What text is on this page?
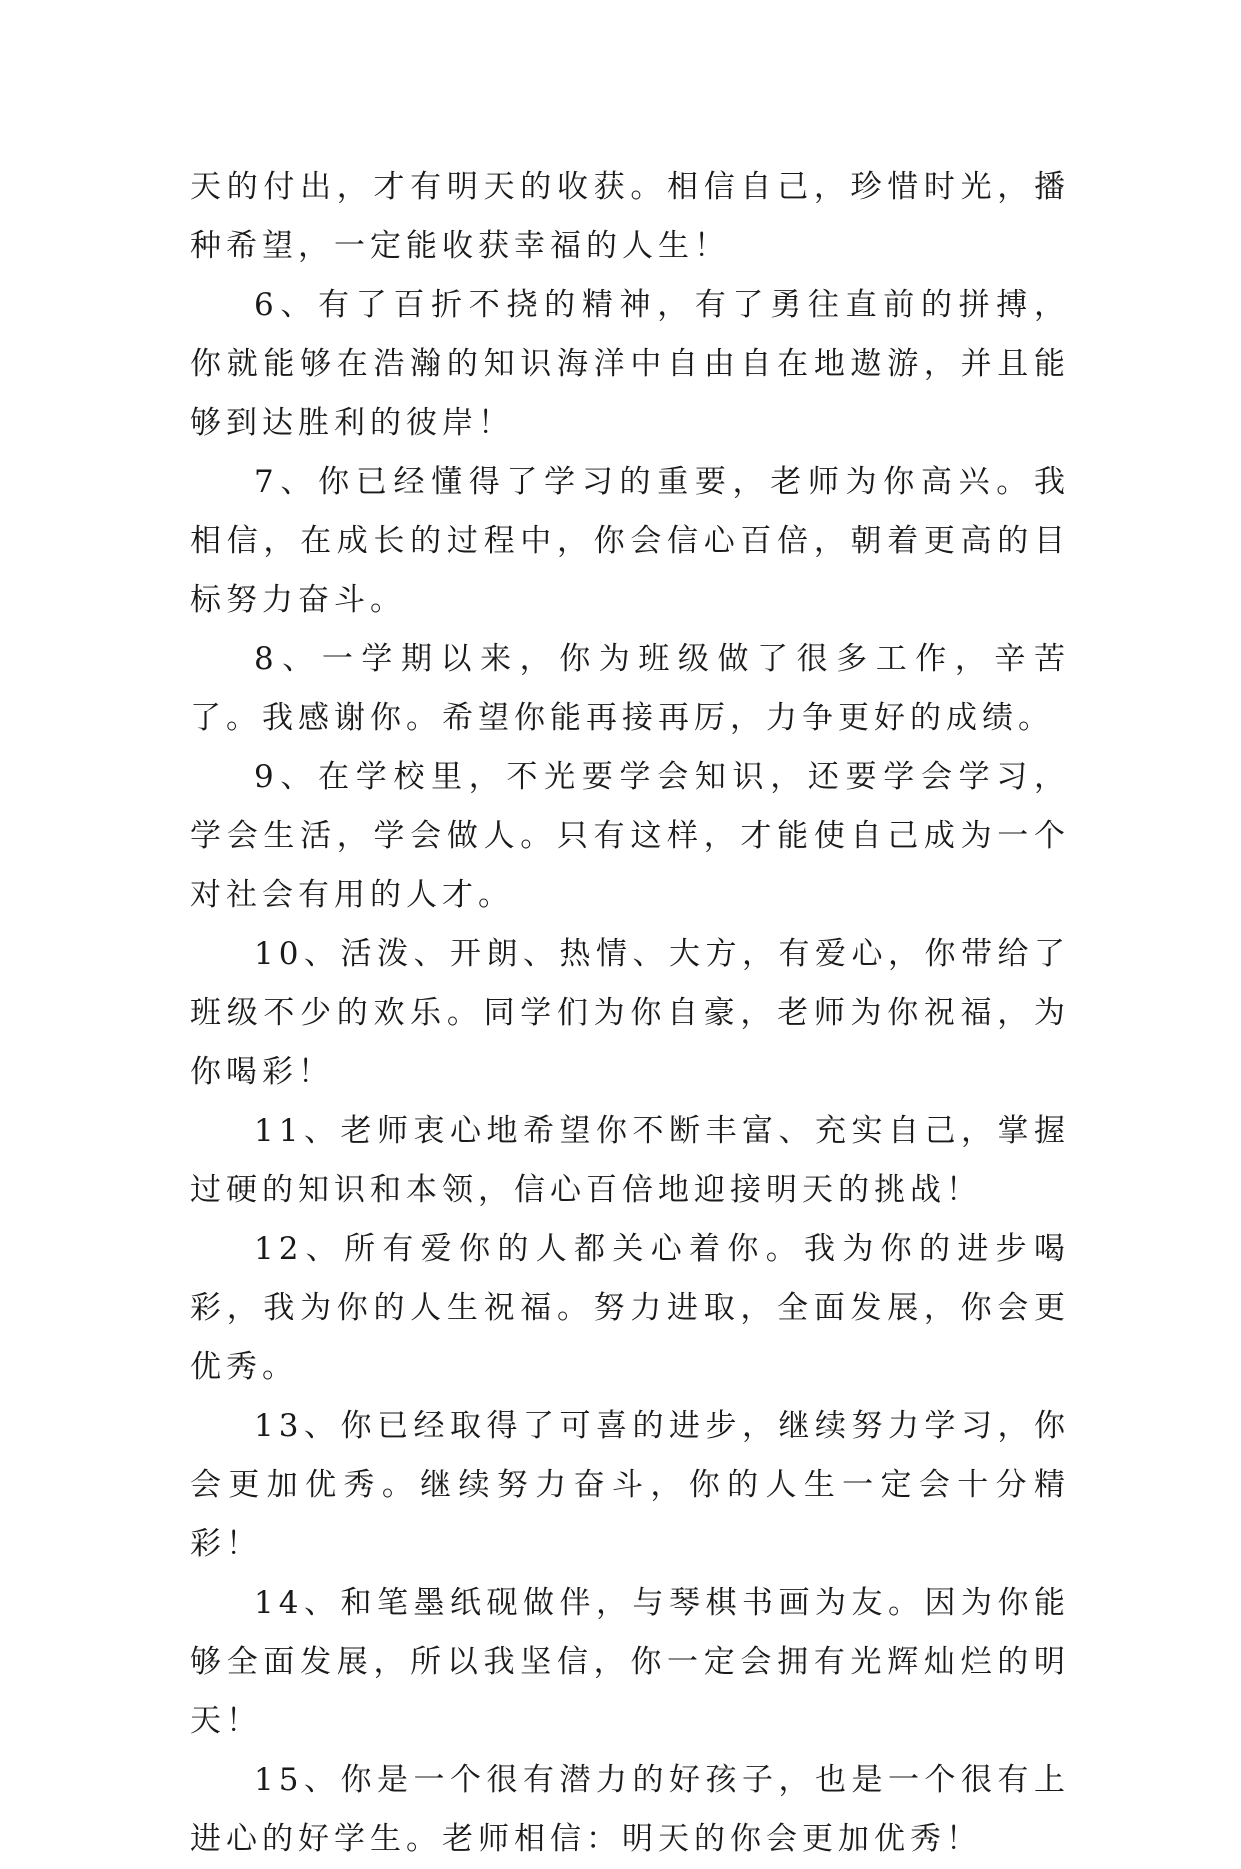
天的付出，才有明天的收获。相信自己，珍惜时光，播种希望，一定能收获幸福的人生！

6、有了百折不挠的精神，有了勇往直前的拼搏，你就能够在浩瀚的知识海洋中自由自在地遨游，并且能够到达胜利的彼岸！

7、你已经懂得了学习的重要，老师为你高兴。我相信，在成长的过程中，你会信心百倍，朝着更高的目标努力奋斗。

8、一学期以来，你为班级做了很多工作，辛苦了。我感谢你。希望你能再接再厉，力争更好的成绩。

9、在学校里，不光要学会知识，还要学会学习，学会生活，学会做人。只有这样，才能使自己成为一个对社会有用的人才。

10、活泼、开朗、热情、大方，有爱心，你带给了班级不少的欢乐。同学们为你自豪，老师为你祝福，为你喝彩！

11、老师衷心地希望你不断丰富、充实自己，掌握过硬的知识和本领，信心百倍地迎接明天的挑战！

12、所有爱你的人都关心着你。我为你的进步喝彩，我为你的人生祝福。努力进取，全面发展，你会更优秀。

13、你已经取得了可喜的进步，继续努力学习，你会更加优秀。继续努力奋斗，你的人生一定会十分精彩！

14、和笔墨纸砚做伴，与琴棋书画为友。因为你能够全面发展，所以我坚信，你一定会拥有光辉灿烂的明天！

15、你是一个很有潜力的好孩子，也是一个很有上进心的好学生。老师相信：明天的你会更加优秀！
